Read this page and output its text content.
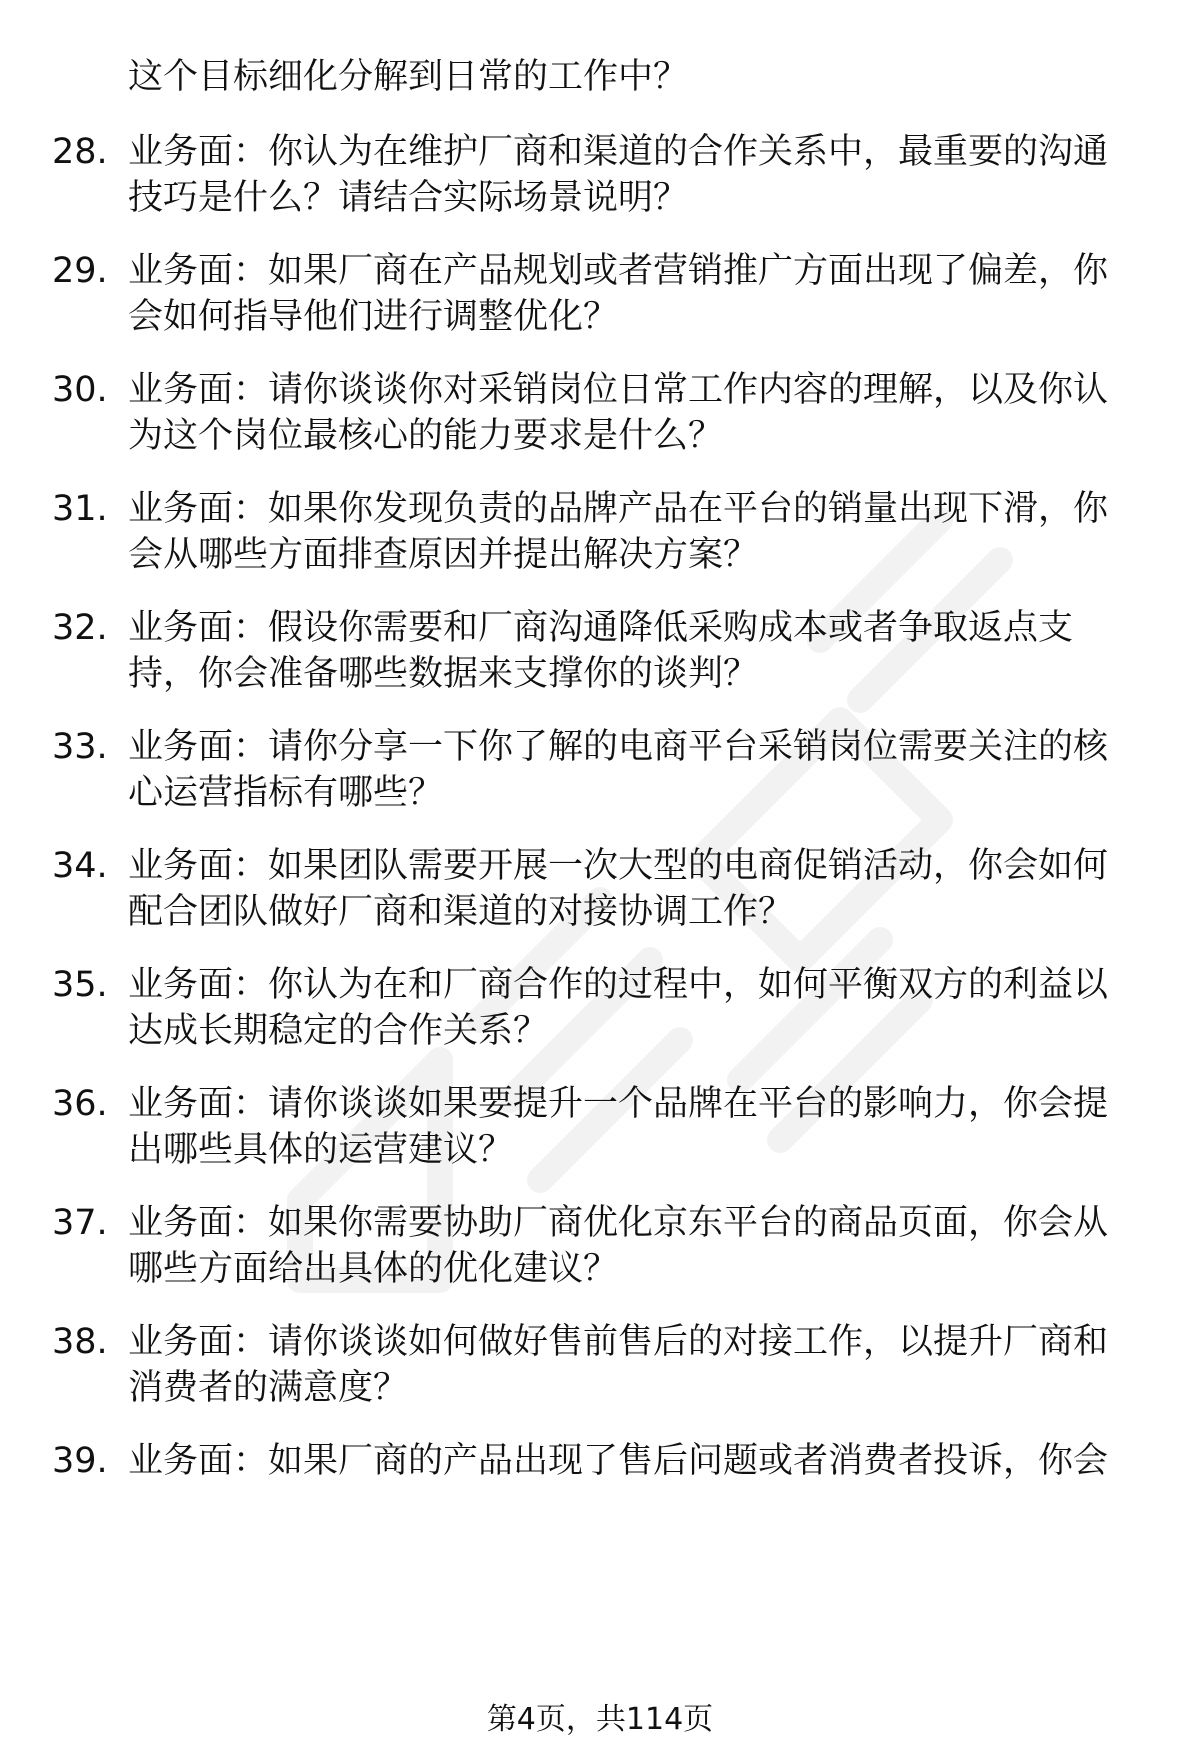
这个目标细化分解到日常的工作中？
28. 业务面：你认为在维护厂商和渠道的合作关系中，最重要的沟通
技巧是什么？请结合实际场景说明？
29. 业务面：如果厂商在产品规划或者营销推广方面出现了偏差，你
会如何指导他们进行调整优化？
30. 业务面：请你谈谈你对采销岗位日常工作内容的理解，以及你认
为这个岗位最核心的能力要求是什么？
31. 业务面：如果你发现负责的品牌产品在平台的销量出现下滑，你
会从哪些方面排查原因并提出解决方案？
32. 业务面：假设你需要和厂商沟通降低采购成本或者争取返点支
持，你会准备哪些数据来支撑你的谈判？
33. 业务面：请你分享一下你了解的电商平台采销岗位需要关注的核
心运营指标有哪些？
34. 业务面：如果团队需要开展一次大型的电商促销活动，你会如何
配合团队做好厂商和渠道的对接协调工作？
35. 业务面：你认为在和厂商合作的过程中，如何平衡双方的利益以
达成长期稳定的合作关系？
36. 业务面：请你谈谈如果要提升一个品牌在平台的影响力，你会提
出哪些具体的运营建议？
37. 业务面：如果你需要协助厂商优化京东平台的商品页面，你会从
哪些方面给出具体的优化建议？
38. 业务面：请你谈谈如何做好售前售后的对接工作，以提升厂商和
消费者的满意度？
39. 业务面：如果厂商的产品出现了售后问题或者消费者投诉，你会
第4页，共114页
